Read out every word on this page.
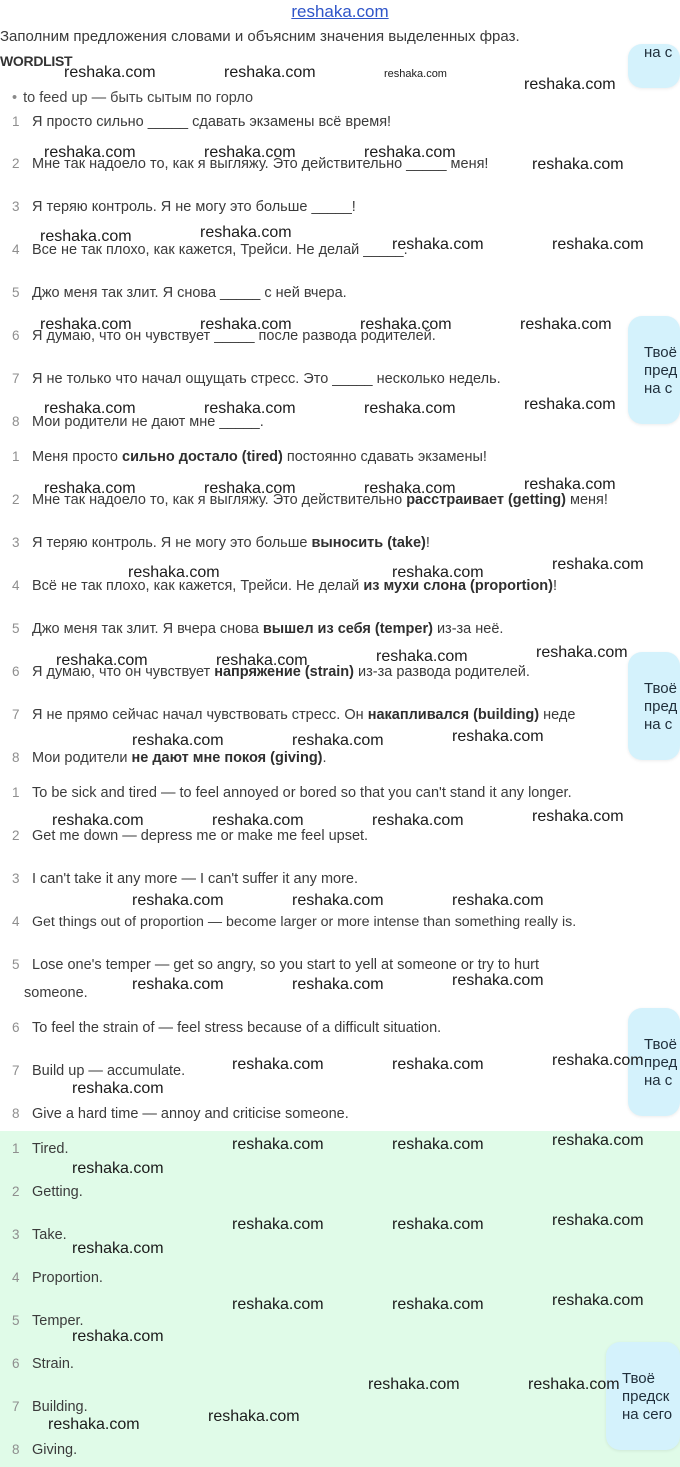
reshaka.com
Заполним предложения словами и объясним значения выделенных фраз.
WORDLIST
• to feed up — быть сытым по горло
1 Я просто сильно _____ сдавать экзамены всё время!
2 Мне так надоело то, как я выгляжу. Это действительно _____ меня!
3 Я теряю контроль. Я не могу это больше _____!
4 Все не так плохо, как кажется, Трейси. Не делай _____.
5 Джо меня так злит. Я снова _____ с ней вчера.
6 Я думаю, что он чувствует _____ после развода родителей.
7 Я не только что начал ощущать стресс. Это _____ несколько недель.
8 Мои родители не дают мне _____.
1 Меня просто сильно достало (tired) постоянно сдавать экзамены!
2 Мне так надоело то, как я выгляжу. Это действительно расстраивает (getting) меня!
3 Я теряю контроль. Я не могу это больше выносить (take)!
4 Всё не так плохо, как кажется, Трейси. Не делай из мухи слона (proportion)!
5 Джо меня так злит. Я вчера снова вышел из себя (temper) из-за неё.
6 Я думаю, что он чувствует напряжение (strain) из-за развода родителей.
7 Я не прямо сейчас начал чувствовать стресс. Он накапливался (building) неде
8 Мои родители не дают мне покоя (giving).
1 To be sick and tired — to feel annoyed or bored so that you can't stand it any longer.
2 Get me down — depress me or make me feel upset.
3 I can't take it any more — I can't suffer it any more.
4 Get things out of proportion — become larger or more intense than something really is.
5 Lose one's temper — get so angry, so you start to yell at someone or try to hurt
someone.
6 To feel the strain of — feel stress because of a difficult situation.
7 Build up — accumulate.
8 Give a hard time — annoy and criticise someone.
1 Tired.
2 Getting.
3 Take.
4 Proportion.
5 Temper.
6 Strain.
7 Building.
8 Giving.
на с
Твоё
пред
на с
Твоё
пред
на с
Твоё
пред
на с
Твоё
предск
на сего
reshaka.com	reshaka.com	reshaka.com
reshaka.com
reshaka.com	reshaka.com	reshaka.com
reshaka.com
reshaka.com	reshaka.com
reshaka.com	reshaka.com
reshaka.com	reshaka.com	reshaka.com	reshaka.com
reshaka.com	reshaka.com	reshaka.com	reshaka.com
reshaka.com	reshaka.com	reshaka.com	reshaka.com
reshaka.com
reshaka.com	reshaka.com
reshaka.com	reshaka.com	reshaka.com	reshaka.com
reshaka.com	reshaka.com	reshaka.com
reshaka.com	reshaka.com	reshaka.com	reshaka.com
reshaka.com	reshaka.com	reshaka.com
reshaka.com	reshaka.com	reshaka.com
reshaka.com	reshaka.com	reshaka.com
reshaka.com
reshaka.com	reshaka.com	reshaka.com
reshaka.com
reshaka.com	reshaka.com	reshaka.com
reshaka.com
reshaka.com	reshaka.com	reshaka.com
reshaka.com
reshaka.com	reshaka.com
reshaka.com
reshaka.com
